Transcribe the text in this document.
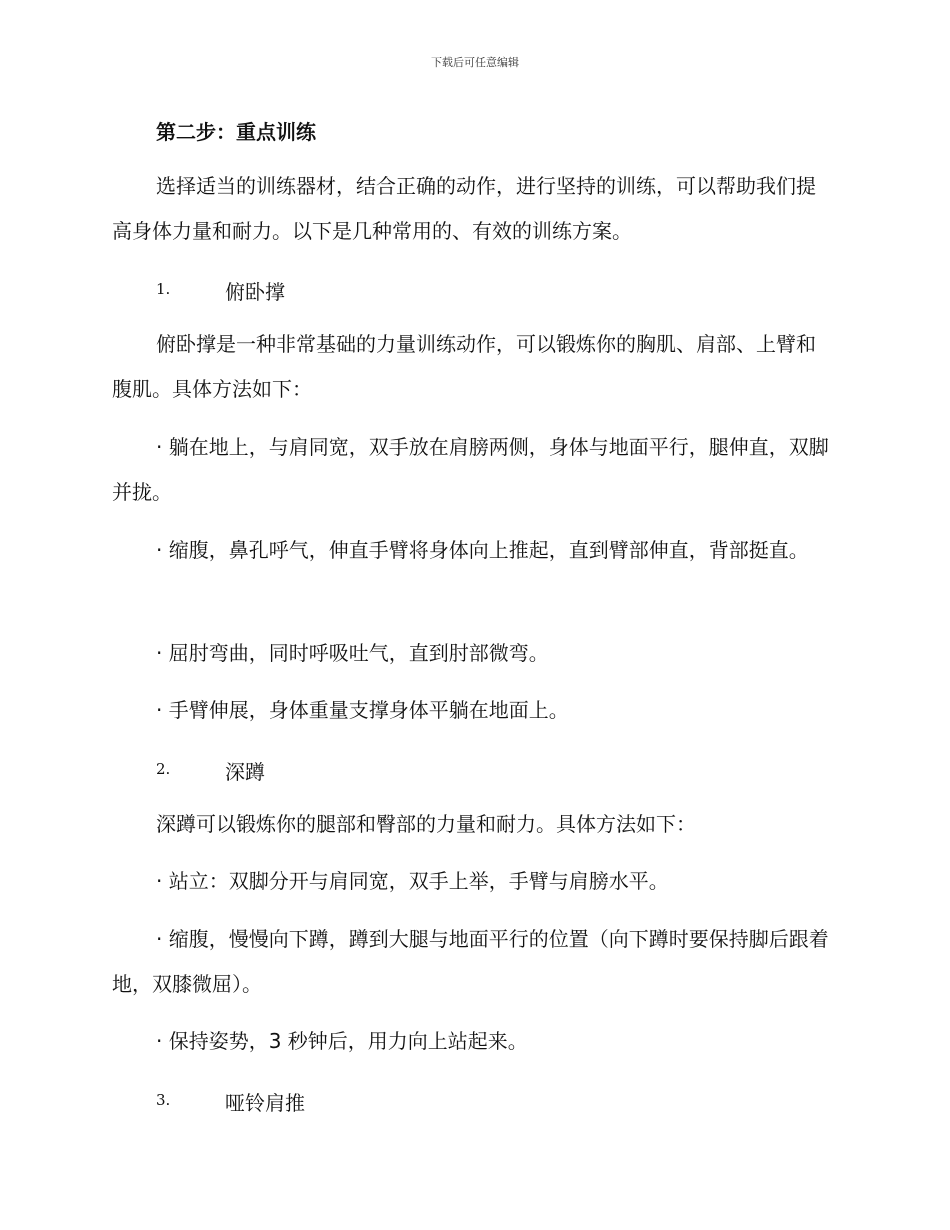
下载后可任意编辑
第二步：重点训练

选择适当的训练器材，结合正确的动作，进行坚持的训练，可以帮助我们提高身体力量和耐力。以下是几种常用的、有效的训练方案。

1.	俯卧撑

俯卧撑是一种非常基础的力量训练动作，可以锻炼你的胸肌、肩部、上臂和腹肌。具体方法如下：

· 躺在地上，与肩同宽，双手放在肩膀两侧，身体与地面平行，腿伸直，双脚并拢。

· 缩腹，鼻孔呼气，伸直手臂将身体向上推起，直到臂部伸直，背部挺直。

· 屈肘弯曲，同时呼吸吐气，直到肘部微弯。

· 手臂伸展，身体重量支撑身体平躺在地面上。

2.	深蹲

深蹲可以锻炼你的腿部和臀部的力量和耐力。具体方法如下：

· 站立：双脚分开与肩同宽，双手上举，手臂与肩膀水平。

· 缩腹，慢慢向下蹲，蹲到大腿与地面平行的位置（向下蹲时要保持脚后跟着地，双膝微屈）。

· 保持姿势，3 秒钟后，用力向上站起来。

3.	哑铃肩推
